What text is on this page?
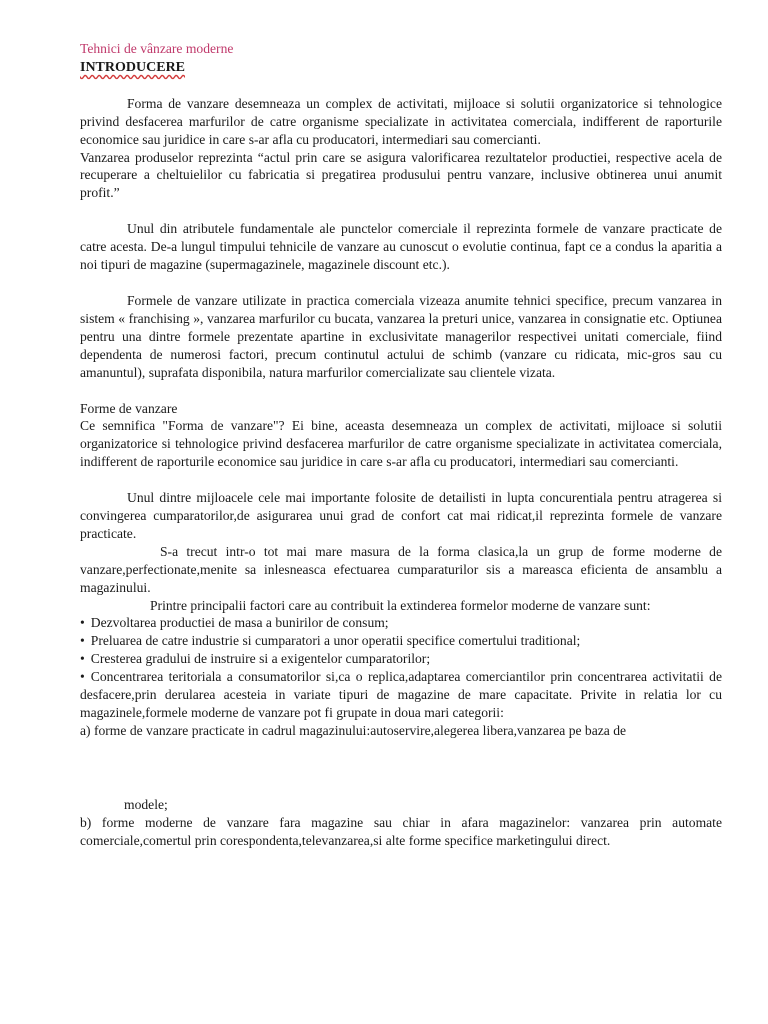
Tehnici de vânzare moderne
INTRODUCERE

Forma de vanzare desemneaza un complex de activitati, mijloace si solutii organizatorice si tehnologice privind desfacerea marfurilor de catre organisme specializate in activitatea comerciala, indifferent de raporturile economice sau juridice in care s-ar afla cu producatori, intermediari sau comercianti.

Vanzarea produselor reprezinta “actul prin care se asigura valorificarea rezultatelor productiei, respective acela de recuperare a cheltuielilor cu fabricatia si pregatirea produsului pentru vanzare, inclusive obtinerea unui anumit profit.”

Unul din atributele fundamentale ale punctelor comerciale il reprezinta formele de vanzare practicate de catre acesta. De-a lungul timpului tehnicile de vanzare au cunoscut o evolutie continua, fapt ce a condus la aparitia a noi tipuri de magazine (supermagazinele, magazinele discount etc.).

Formele de vanzare utilizate in practica comerciala vizeaza anumite tehnici specifice, precum vanzarea in sistem « franchising », vanzarea marfurilor cu bucata, vanzarea la preturi unice, vanzarea in consignatie etc. Optiunea pentru una dintre formele prezentate apartine in exclusivitate managerilor respectivei unitati comerciale, fiind dependenta de numerosi factori, precum continutul actului de schimb (vanzare cu ridicata, mic-gros sau cu amanuntul), suprafata disponibila, natura marfurilor comercializate sau clientele vizata.

Forme de vanzare

Ce semnifica "Forma de vanzare"? Ei bine, aceasta desemneaza un complex de activitati, mijloace si solutii organizatorice si tehnologice privind desfacerea marfurilor de catre organisme specializate in activitatea comerciala, indifferent de raporturile economice sau juridice in care s-ar afla cu producatori, intermediari sau comercianti.

Unul dintre mijloacele cele mai importante folosite de detailisti in lupta concurentiala pentru atragerea si convingerea cumparatorilor,de asigurarea unui grad de confort cat mai ridicat,il reprezinta formele de vanzare practicate.

S-a trecut intr-o tot mai mare masura de la forma clasica,la un grup de forme moderne de vanzare,perfectionate,menite sa inlesneasca efectuarea cumparaturilor sis a mareasca eficienta de ansamblu a magazinului.

Printre principalii factori care au contribuit la extinderea formelor moderne de vanzare sunt:

• Dezvoltarea productiei de masa a bunirilor de consum;
• Preluarea de catre industrie si cumparatori a unor operatii specifice comertului traditional;
• Cresterea gradului de instruire si a exigentelor cumparatorilor;
• Concentrarea teritoriala a consumatorilor si,ca o replica,adaptarea comerciantilor prin concentrarea activitatii de desfacere,prin derularea acesteia in variate tipuri de magazine de mare capacitate. Privite in relatia lor cu magazinele,formele moderne de vanzare pot fi grupate in doua mari categorii:
a) forme de vanzare practicate in cadrul magazinului:autoservire,alegerea libera,vanzarea pe baza de
modele;

b) forme moderne de vanzare fara magazine sau chiar in afara magazinelor: vanzarea prin automate comerciale,comertul prin corespondenta,televanzarea,si alte forme specifice marketingului direct.
